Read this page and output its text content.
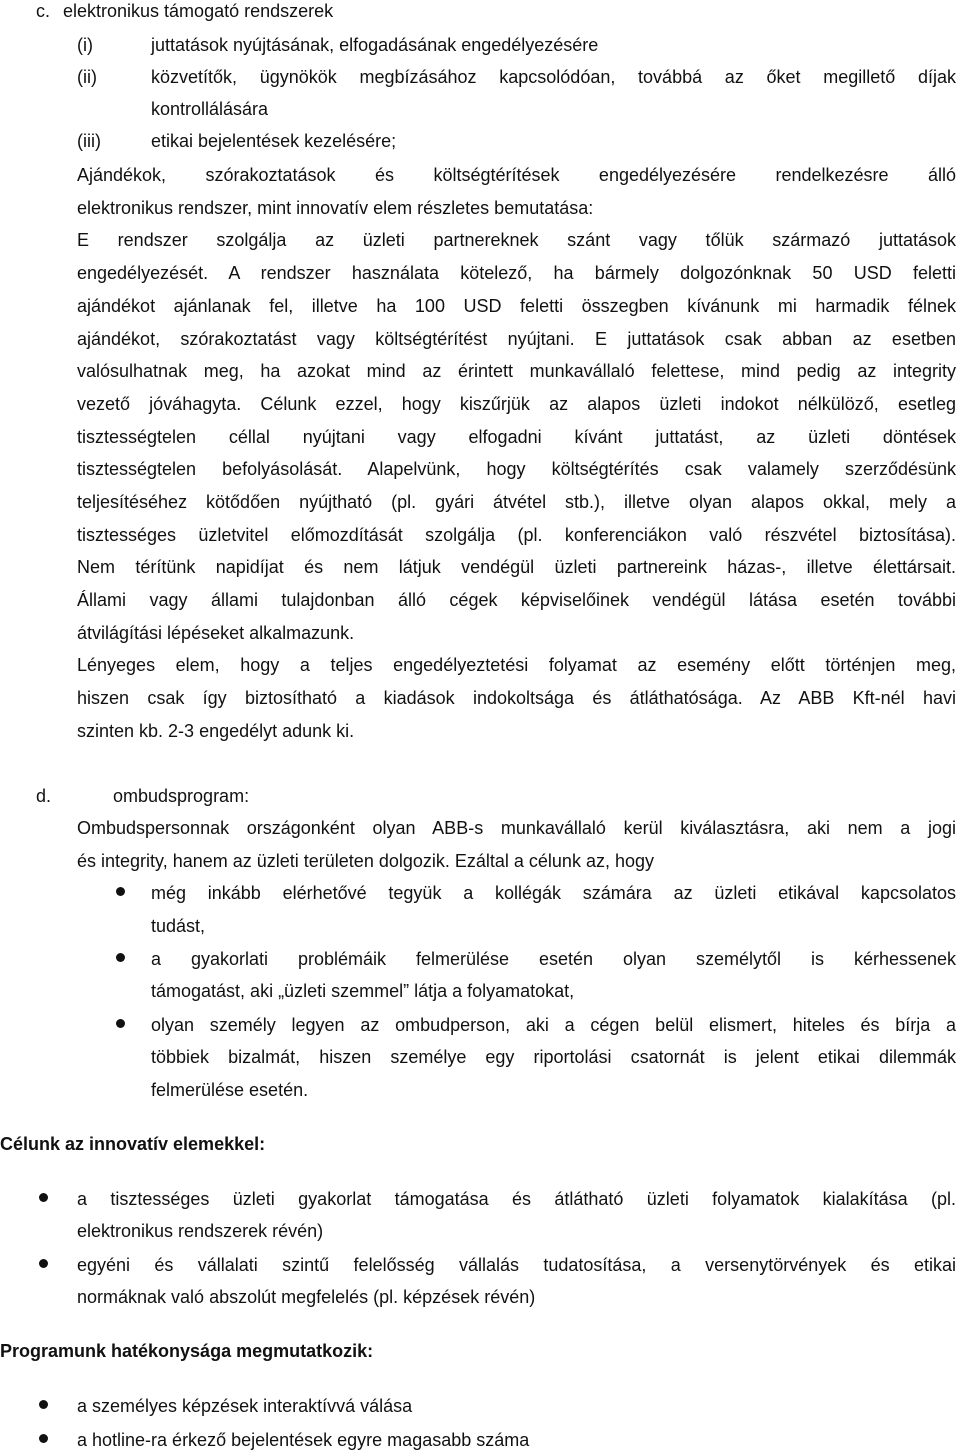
c. elektronikus támogató rendszerek
(i)	juttatások nyújtásának, elfogadásának engedélyezésére
(ii)	közvetítők, ügynökök megbízásához kapcsolódóan, továbbá az őket megillető díjak
kontrollálására
(iii)	etikai bejelentések kezelésére;
Ajándékok, szórakoztatások és költségtérítések engedélyezésére rendelkezésre álló
elektronikus rendszer, mint innovatív elem részletes bemutatása:
E rendszer szolgálja az üzleti partnereknek szánt vagy tőlük származó juttatások
engedélyezését. A rendszer használata kötelező, ha bármely dolgozónknak 50 USD feletti
ajándékot ajánlanak fel, illetve ha 100 USD feletti összegben kívánunk mi harmadik félnek
ajándékot, szórakoztatást vagy költségtérítést nyújtani. E juttatások csak abban az esetben
valósulhatnak meg, ha azokat mind az érintett munkavállaló felettese, mind pedig az integrity
vezető jóváhagyta. Célunk ezzel, hogy kiszűrjük az alapos üzleti indokot nélkülöző, esetleg
tisztességtelen céllal nyújtani vagy elfogadni kívánt juttatást, az üzleti döntések
tisztességtelen befolyásolását. Alapelvünk, hogy költségtérítés csak valamely szerződésünk
teljesítéséhez kötődően nyújtható (pl. gyári átvétel stb.), illetve olyan alapos okkal, mely a
tisztességes üzletvitel előmozdítását szolgálja (pl. konferenciákon való részvétel biztosítása).
Nem térítünk napidíjat és nem látjuk vendégül üzleti partnereink házas-, illetve élettársait.
Állami vagy állami tulajdonban álló cégek képviselőinek vendégül látása esetén további
átvilágítási lépéseket alkalmazunk.
Lényeges elem, hogy a teljes engedélyeztetési folyamat az esemény előtt történjen meg,
hiszen csak így biztosítható a kiadások indokoltsága és átláthatósága. Az ABB Kft-nél havi
szinten kb. 2-3 engedélyt adunk ki.
d.	ombudsprogram:
Ombudspersonnak országonként olyan ABB-s munkavállaló kerül kiválasztásra, aki nem a jogi
és integrity, hanem az üzleti területen dolgozik. Ezáltal a célunk az, hogy
még inkább elérhetővé tegyük a kollégák számára az üzleti etikával kapcsolatos
tudást,
a gyakorlati problémáik felmerülése esetén olyan személytől is kérhessenek
támogatást, aki „üzleti szemmel” látja a folyamatokat,
olyan személy legyen az ombudperson, aki a cégen belül elismert, hiteles és bírja a
többiek bizalmát, hiszen személye egy riportolási csatornát is jelent etikai dilemmák
felmerülése esetén.
Célunk az innovatív elemekkel:
a tisztességes üzleti gyakorlat támogatása és átlátható üzleti folyamatok kialakítása (pl.
elektronikus rendszerek révén)
egyéni és vállalati szintű felelősség vállalás tudatosítása, a versenytörvények és etikai
normáknak való abszolút megfelelés (pl. képzések révén)
Programunk hatékonysága megmutatkozik:
a személyes képzések interaktívvá válása
a hotline-ra érkező bejelentések egyre magasabb száma
